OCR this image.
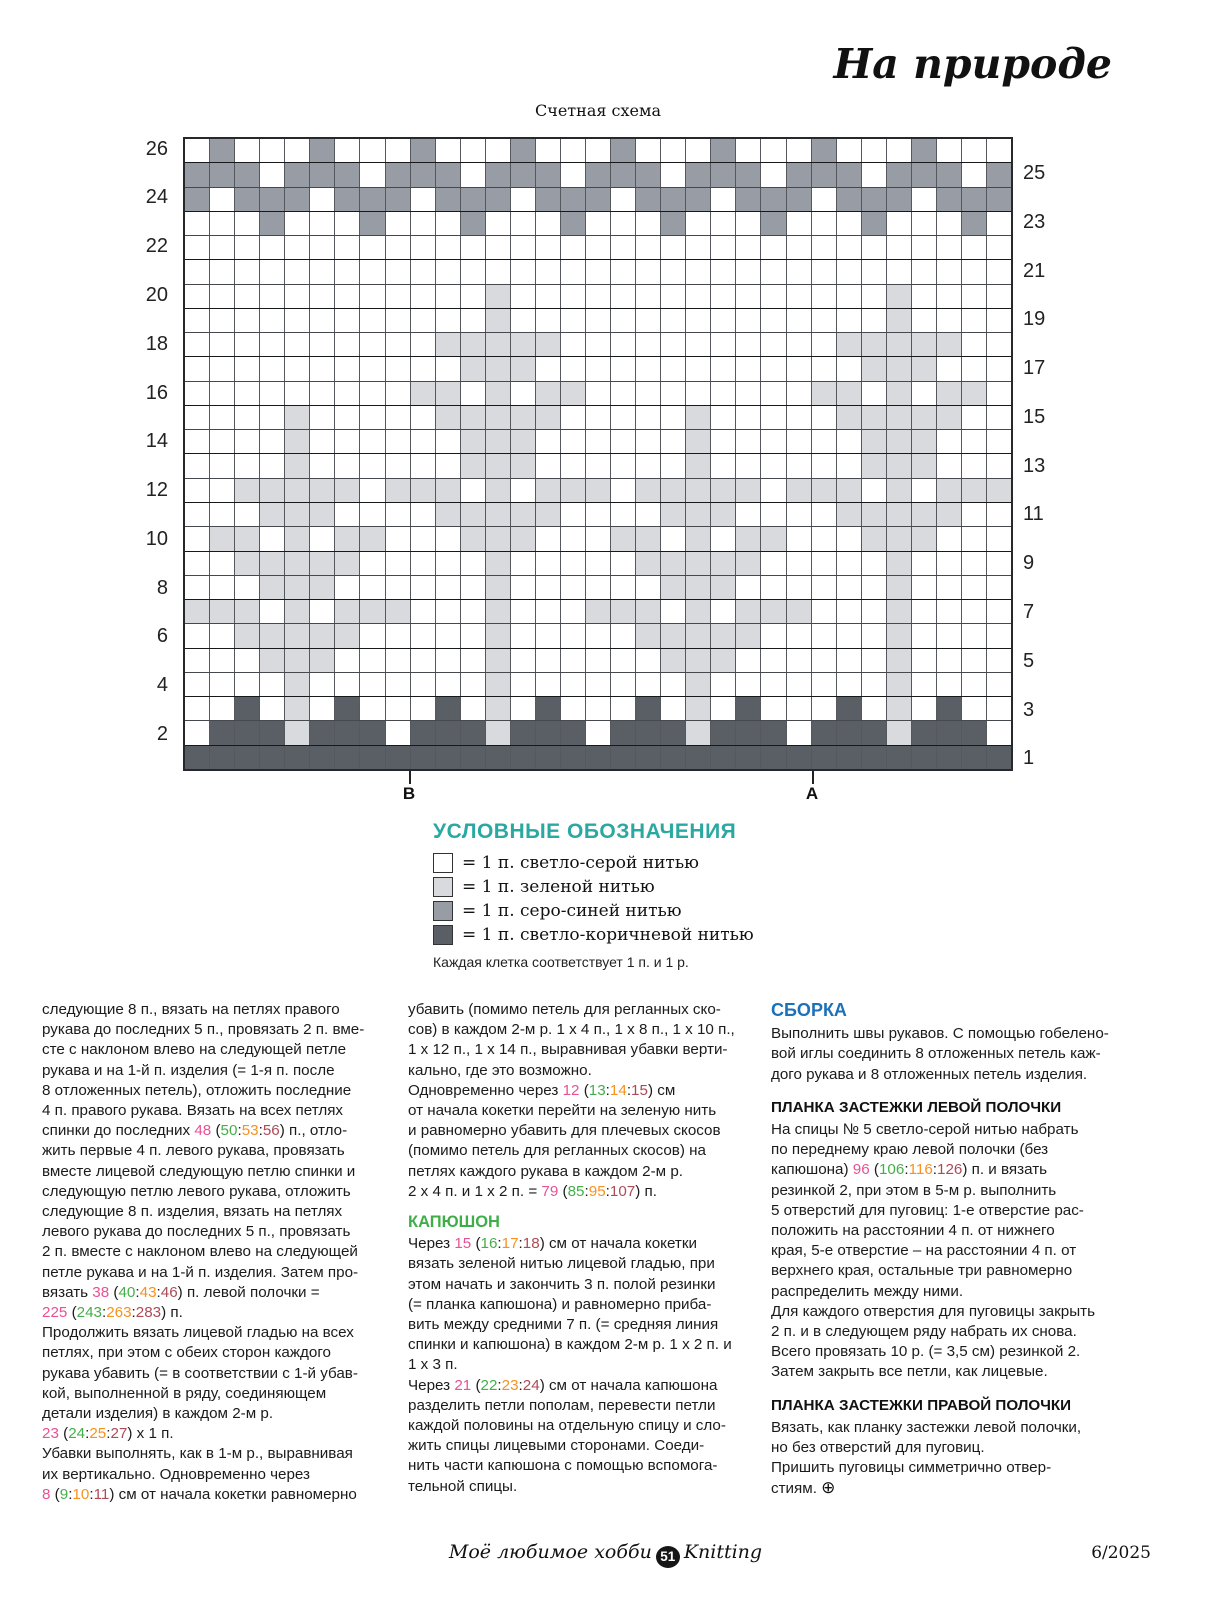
На природе
Счетная схема
26
25
24
23
22
21
20
19
18
17
16
15
14
13
12
11
10
9
8
7
6
5
4
3
2
1
В	А
УСЛОВНЫЕ ОБОЗНАЧЕНИЯ
= 1 п. светло-серой нитью
= 1 п. зеленой нитью
= 1 п. серо-синей нитью
= 1 п. светло-коричневой нитью
Каждая клетка соответствует 1 п. и 1 р.
следующие 8 п., вязать на петлях правого
рукава до последних 5 п., провязать 2 п. вме-
сте с наклоном влево на следующей петле
рукава и на 1-й п. изделия (= 1-я п. после
8 отложенных петель), отложить последние
4 п. правого рукава. Вязать на всех петлях
спинки до последних 48 (50:53:56) п., отло-
жить первые 4 п. левого рукава, провязать
вместе лицевой следующую петлю спинки и
следующую петлю левого рукава, отложить
следующие 8 п. изделия, вязать на петлях
левого рукава до последних 5 п., провязать
2 п. вместе с наклоном влево на следующей
петле рукава и на 1-й п. изделия. Затем про-
вязать 38 (40:43:46) п. левой полочки =
225 (243:263:283) п.
Продолжить вязать лицевой гладью на всех
петлях, при этом с обеих сторон каждого
рукава убавить (= в соответствии с 1-й убав-
кой, выполненной в ряду, соединяющем
детали изделия) в каждом 2-м р.
23 (24:25:27) х 1 п.
Убавки выполнять, как в 1-м р., выравнивая
их вертикально. Одновременно через
8 (9:10:11) см от начала кокетки равномерно
убавить (помимо петель для регланных ско-
сов) в каждом 2-м р. 1 х 4 п., 1 х 8 п., 1 х 10 п.,
1 х 12 п., 1 х 14 п., выравнивая убавки верти-
кально, где это возможно.
Одновременно через 12 (13:14:15) см
от начала кокетки перейти на зеленую нить
и равномерно убавить для плечевых скосов
(помимо петель для регланных скосов) на
петлях каждого рукава в каждом 2-м р.
2 х 4 п. и 1 х 2 п. = 79 (85:95:107) п.
КАПЮШОН
Через 15 (16:17:18) см от начала кокетки
вязать зеленой нитью лицевой гладью, при
этом начать и закончить 3 п. полой резинки
(= планка капюшона) и равномерно приба-
вить между средними 7 п. (= средняя линия
спинки и капюшона) в каждом 2-м р. 1 х 2 п. и
1 х 3 п.
Через 21 (22:23:24) см от начала капюшона
разделить петли пополам, перевести петли
каждой половины на отдельную спицу и сло-
жить спицы лицевыми сторонами. Соеди-
нить части капюшона с помощью вспомога-
тельной спицы.
СБОРКА
Выполнить швы рукавов. С помощью гобелено-
вой иглы соединить 8 отложенных петель каж-
дого рукава и 8 отложенных петель изделия.
ПЛАНКА ЗАСТЕЖКИ ЛЕВОЙ ПОЛОЧКИ
На спицы № 5 светло-серой нитью набрать
по переднему краю левой полочки (без
капюшона) 96 (106:116:126) п. и вязать
резинкой 2, при этом в 5-м р. выполнить
5 отверстий для пуговиц: 1-е отверстие рас-
положить на расстоянии 4 п. от нижнего
края, 5-е отверстие – на расстоянии 4 п. от
верхнего края, остальные три равномерно
распределить между ними.
Для каждого отверстия для пуговицы закрыть
2 п. и в следующем ряду набрать их снова.
Всего провязать 10 р. (= 3,5 см) резинкой 2.
Затем закрыть все петли, как лицевые.
ПЛАНКА ЗАСТЕЖКИ ПРАВОЙ ПОЛОЧКИ
Вязать, как планку застежки левой полочки,
но без отверстий для пуговиц.
Пришить пуговицы симметрично отвер-
стиям. ⊕
Моё любимое хобби 51 Knitting	6/2025
